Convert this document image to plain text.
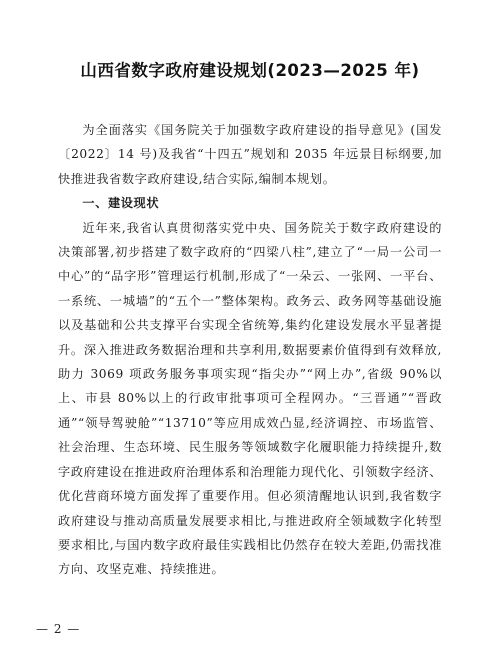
山西省数字政府建设规划(2023—2025 年)

为全面落实《国务院关于加强数字政府建设的指导意见》(国发〔2022〕14 号)及我省“十四五”规划和 2035 年远景目标纲要,加快推进我省数字政府建设,结合实际,编制本规划。

一、建设现状

近年来,我省认真贯彻落实党中央、国务院关于数字政府建设的决策部署,初步搭建了数字政府的“四梁八柱”,建立了“一局一公司一中心”的“品字形”管理运行机制,形成了“一朵云、一张网、一平台、一系统、一城墙”的“五个一”整体架构。政务云、政务网等基础设施以及基础和公共支撑平台实现全省统筹,集约化建设发展水平显著提升。深入推进政务数据治理和共享利用,数据要素价值得到有效释放,助力 3069 项政务服务事项实现“指尖办”“网上办”,省级 90%以上、市县 80%以上的行政审批事项可全程网办。“三晋通”“晋政通”“领导驾驶舱”“13710”等应用成效凸显,经济调控、市场监管、社会治理、生态环境、民生服务等领域数字化履职能力持续提升,数字政府建设在推进政府治理体系和治理能力现代化、引领数字经济、优化营商环境方面发挥了重要作用。但必须清醒地认识到,我省数字政府建设与推动高质量发展要求相比,与推进政府全领域数字化转型要求相比,与国内数字政府最佳实践相比仍然存在较大差距,仍需找准方向、攻坚克难、持续推进。

— 2 —
